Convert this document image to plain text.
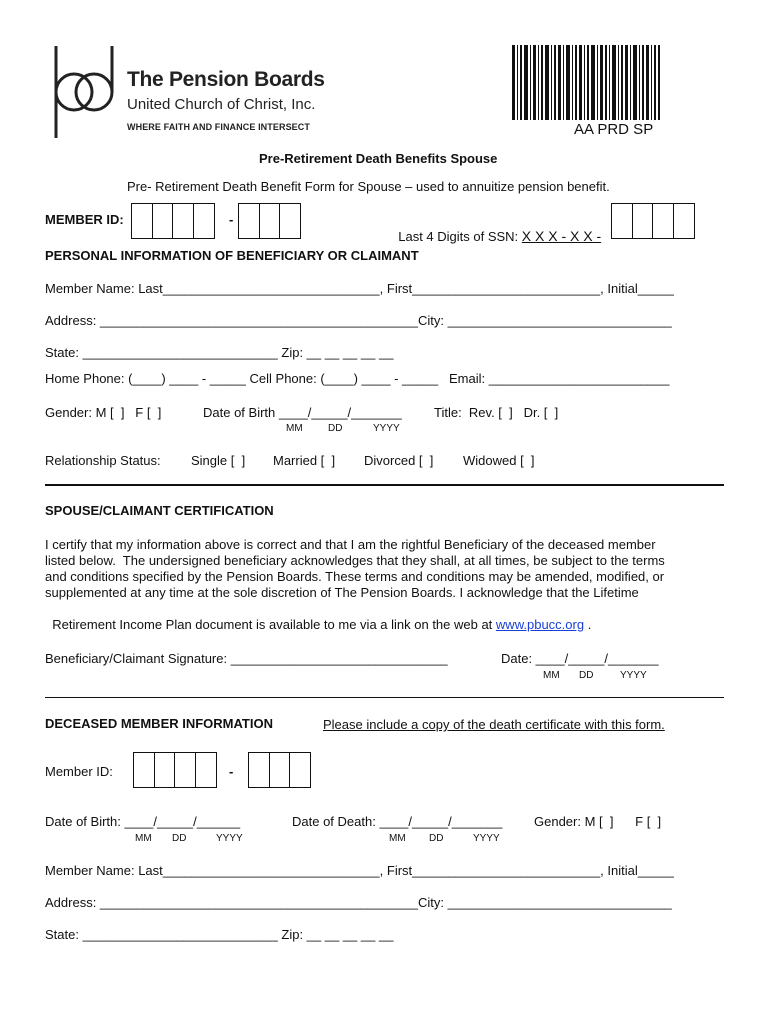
The Pension Boards
United Church of Christ, Inc.
WHERE FAITH AND FINANCE INTERSECT	AA PRD SP
Pre-Retirement Death Benefits Spouse
Pre- Retirement Death Benefit Form for Spouse – used to annuitize pension benefit.
MEMBER ID:	-

Last 4 Digits of SSN: X X X - X X -

PERSONAL INFORMATION OF BENEFICIARY OR CLAIMANT
Member Name: Last______________________________, First__________________________, Initial_____
Address: ____________________________________________City: _______________________________
State: ___________________________ Zip: __ __ __ __ __
Home Phone: (____) ____ - _____ Cell Phone: (____) ____ - _____   Email: _________________________
Gender: M [  ]   F [  ]	Date of Birth ____/_____/_______ Title:  Rev. [  ]   Dr. [  ]
MM	DD	YYYY
Relationship Status: Single [  ] Married [  ] Divorced [  ] Widowed [  ]
SPOUSE/CLAIMANT CERTIFICATION
I certify that my information above is correct and that I am the rightful Beneficiary of the deceased member
listed below.  The undersigned beneficiary acknowledges that they shall, at all times, be subject to the terms
and conditions specified by the Pension Boards. These terms and conditions may be amended, modified, or
supplemented at any time at the sole discretion of The Pension Boards. I acknowledge that the Lifetime

Retirement Income Plan document is available to me via a link on the web at www.pbucc.org .

Beneficiary/Claimant Signature: ______________________________	Date: ____/_____/_______
MM DD	YYYY
DECEASED MEMBER INFORMATION	Please include a copy of the death certificate with this form.
Member ID:	-
Date of Birth: ____/_____/______	Date of Death: ____/_____/_______ Gender: M [  ]      F [  ]
MM DD	YYYY	MM DD	YYYY
Member Name: Last______________________________, First__________________________, Initial_____
Address: ____________________________________________City: _______________________________
State: ___________________________ Zip: __ __ __ __ __
